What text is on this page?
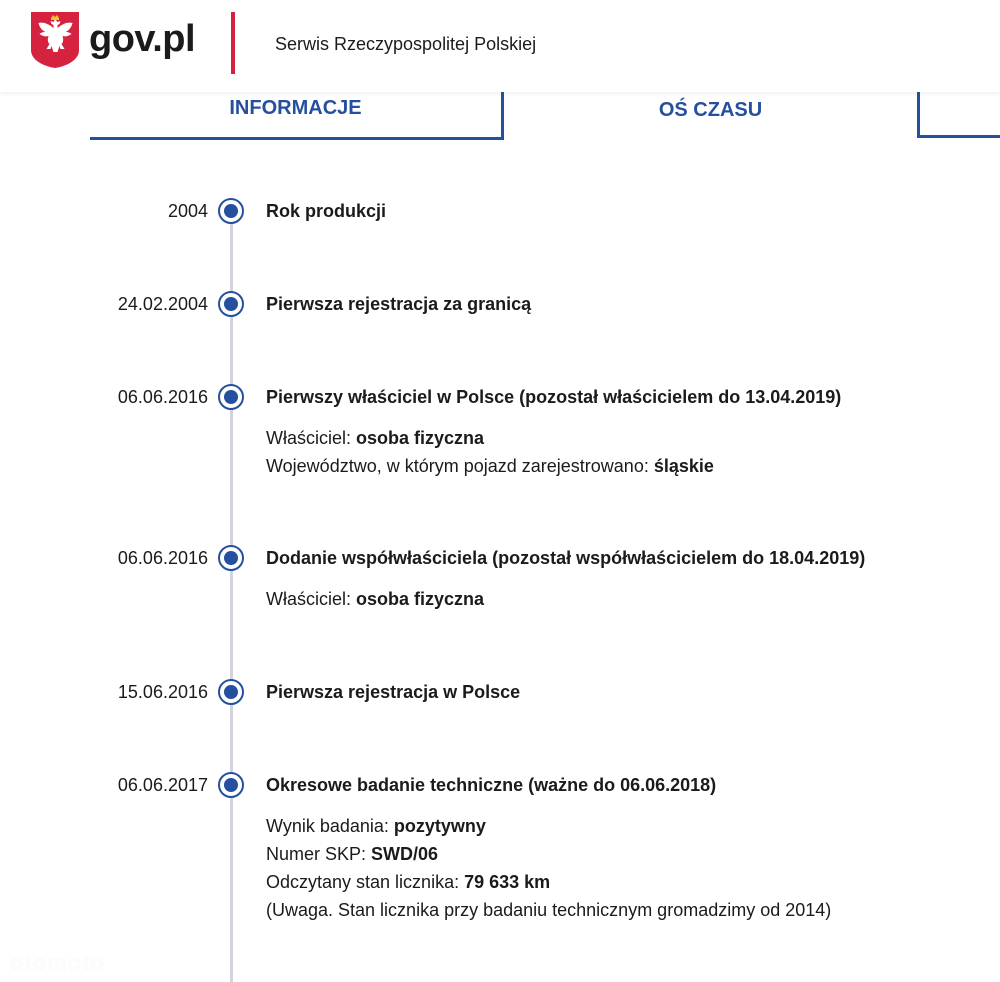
gov.pl	Serwis Rzeczypospolitej Polskiej
INFORMACJE	OŚ CZASU
2004	Rok produkcji
24.02.2004	Pierwsza rejestracja za granicą
06.06.2016	Pierwszy właściciel w Polsce (pozostał właścicielem do 13.04.2019)
Właściciel: osoba fizyczna
Województwo, w którym pojazd zarejestrowano: śląskie
06.06.2016	Dodanie współwłaściciela (pozostał współwłaścicielem do 18.04.2019)
Właściciel: osoba fizyczna
15.06.2016	Pierwsza rejestracja w Polsce
06.06.2017	Okresowe badanie techniczne (ważne do 06.06.2018)
Wynik badania: pozytywny
Numer SKP: SWD/06
Odczytany stan licznika: 79 633 km
(Uwaga. Stan licznika przy badaniu technicznym gromadzimy od 2014)
otomoto
